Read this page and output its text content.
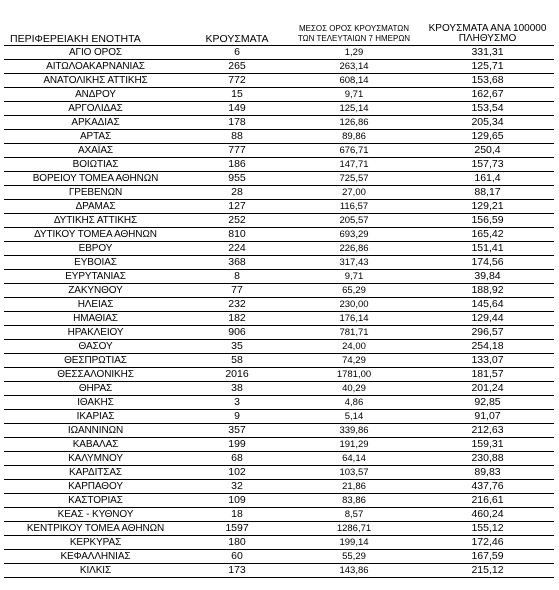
ΠΕΡΙΦΕΡΕΙΑΚΗ ΕΝΟΤΗΤΑ	ΚΡΟΥΣΜΑΤΑ	ΜΕΣΟΣ ΟΡΟΣ ΚΡΟΥΣΜΑΤΩΝ
ΤΩΝ ΤΕΛΕΥΤΑΙΩΝ 7 ΗΜΕΡΩΝ	ΚΡΟΥΣΜΑΤΑ ΑΝΑ 100000
ΠΛΗΘΥΣΜΟ
ΑΓΙΟ ΟΡΟΣ	6	1,29	331,31
ΑΙΤΩΛΟΑΚΑΡΝΑΝΙΑΣ	265	263,14	125,71
ΑΝΑΤΟΛΙΚΗΣ ΑΤΤΙΚΗΣ	772	608,14	153,68
ΑΝΔΡΟΥ	15	9,71	162,67
ΑΡΓΟΛΙΔΑΣ	149	125,14	153,54
ΑΡΚΑΔΙΑΣ	178	126,86	205,34
ΑΡΤΑΣ	88	89,86	129,65
ΑΧΑΪΑΣ	777	676,71	250,4
ΒΟΙΩΤΙΑΣ	186	147,71	157,73
ΒΟΡΕΙΟΥ ΤΟΜΕΑ ΑΘΗΝΩΝ	955	725,57	161,4
ΓΡΕΒΕΝΩΝ	28	27,00	88,17
ΔΡΑΜΑΣ	127	116,57	129,21
ΔΥΤΙΚΗΣ ΑΤΤΙΚΗΣ	252	205,57	156,59
ΔΥΤΙΚΟΥ ΤΟΜΕΑ ΑΘΗΝΩΝ	810	693,29	165,42
ΕΒΡΟΥ	224	226,86	151,41
ΕΥΒΟΙΑΣ	368	317,43	174,56
ΕΥΡΥΤΑΝΙΑΣ	8	9,71	39,84
ΖΑΚΥΝΘΟΥ	77	65,29	188,92
ΗΛΕΙΑΣ	232	230,00	145,64
ΗΜΑΘΙΑΣ	182	176,14	129,44
ΗΡΑΚΛΕΙΟΥ	906	781,71	296,57
ΘΑΣΟΥ	35	24,00	254,18
ΘΕΣΠΡΩΤΙΑΣ	58	74,29	133,07
ΘΕΣΣΑΛΟΝΙΚΗΣ	2016	1781,00	181,57
ΘΗΡΑΣ	38	40,29	201,24
ΙΘΑΚΗΣ	3	4,86	92,85
ΙΚΑΡΙΑΣ	9	5,14	91,07
ΙΩΑΝΝΙΝΩΝ	357	339,86	212,63
ΚΑΒΑΛΑΣ	199	191,29	159,31
ΚΑΛΥΜΝΟΥ	68	64,14	230,88
ΚΑΡΔΙΤΣΑΣ	102	103,57	89,83
ΚΑΡΠΑΘΟΥ	32	21,86	437,76
ΚΑΣΤΟΡΙΑΣ	109	83,86	216,61
ΚΕΑΣ - ΚΥΘΝΟΥ	18	8,57	460,24
ΚΕΝΤΡΙΚΟΥ ΤΟΜΕΑ ΑΘΗΝΩΝ	1597	1286,71	155,12
ΚΕΡΚΥΡΑΣ	180	199,14	172,46
ΚΕΦΑΛΛΗΝΙΑΣ	60	55,29	167,59
ΚΙΛΚΙΣ	173	143,86	215,12
